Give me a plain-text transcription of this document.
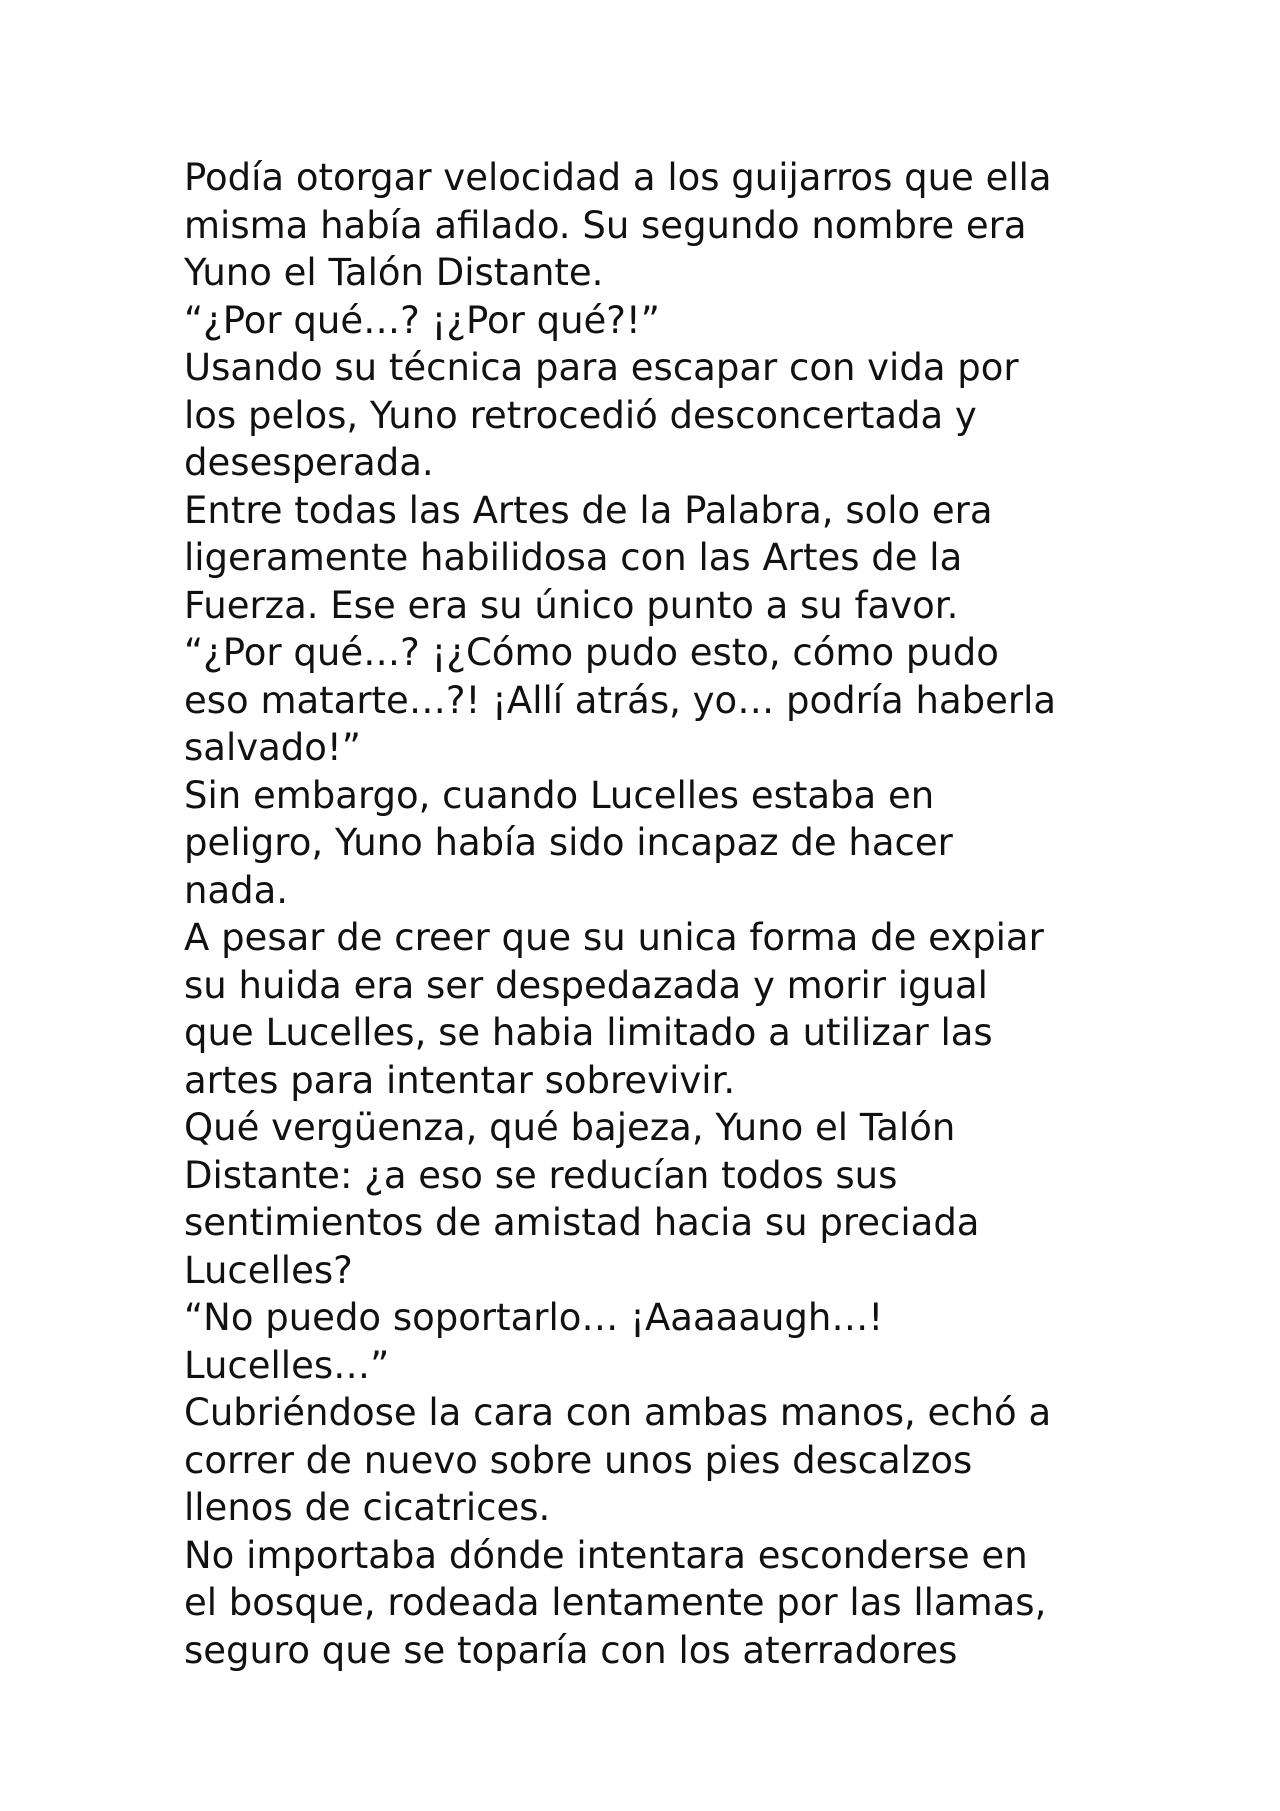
Podía otorgar velocidad a los guijarros que ella
misma había afilado. Su segundo nombre era
Yuno el Talón Distante.
“¿Por qué…? ¡¿Por qué?!”
Usando su técnica para escapar con vida por
los pelos, Yuno retrocedió desconcertada y
desesperada.
Entre todas las Artes de la Palabra, solo era
ligeramente habilidosa con las Artes de la
Fuerza. Ese era su único punto a su favor.
“¿Por qué…? ¡¿Cómo pudo esto, cómo pudo
eso matarte…?! ¡Allí atrás, yo… podría haberla
salvado!”
Sin embargo, cuando Lucelles estaba en
peligro, Yuno había sido incapaz de hacer
nada.
A pesar de creer que su unica forma de expiar
su huida era ser despedazada y morir igual
que Lucelles, se habia limitado a utilizar las
artes para intentar sobrevivir.
Qué vergüenza, qué bajeza, Yuno el Talón
Distante: ¿a eso se reducían todos sus
sentimientos de amistad hacia su preciada
Lucelles?
“No puedo soportarlo… ¡Aaaaaugh…!
Lucelles…”
Cubriéndose la cara con ambas manos, echó a
correr de nuevo sobre unos pies descalzos
llenos de cicatrices.
No importaba dónde intentara esconderse en
el bosque, rodeada lentamente por las llamas,
seguro que se toparía con los aterradores
